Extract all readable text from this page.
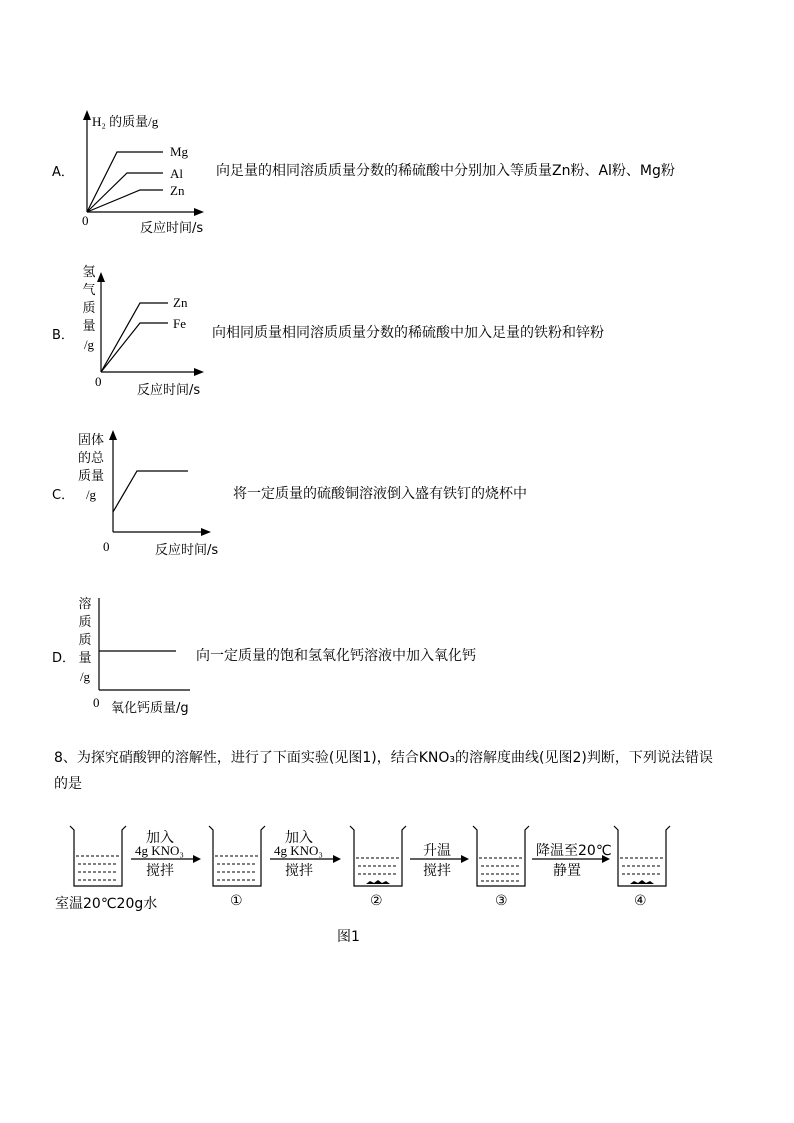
A．
H₂ 的质量/g
Mg
Al
Zn
0
反应时间/s
向足量的相同溶质质量分数的稀硫酸中分别加入等质量Zn粉、Al粉、Mg粉
B．
氢
气
质
量
/g
Zn
Fe
0
反应时间/s
向相同质量相同溶质质量分数的稀硫酸中加入足量的铁粉和锌粉
C．
固体
的总
质量
/g
0	反应时间/s
将一定质量的硫酸铜溶液倒入盛有铁钉的烧杯中
D．
溶
质
质
量
/g
0 氧化钙质量/g
向一定质量的饱和氢氧化钙溶液中加入氧化钙
8、为探究硝酸钾的溶解性，进行了下面实验(见图1)，结合KNO₃的溶解度曲线(见图2)判断，下列说法错误
的是
加入
4g KNO₃
搅拌
加入
4g KNO₃
搅拌
升温
搅拌
降温至20℃
静置
室温20℃20g水	①	②	③	④
图1
